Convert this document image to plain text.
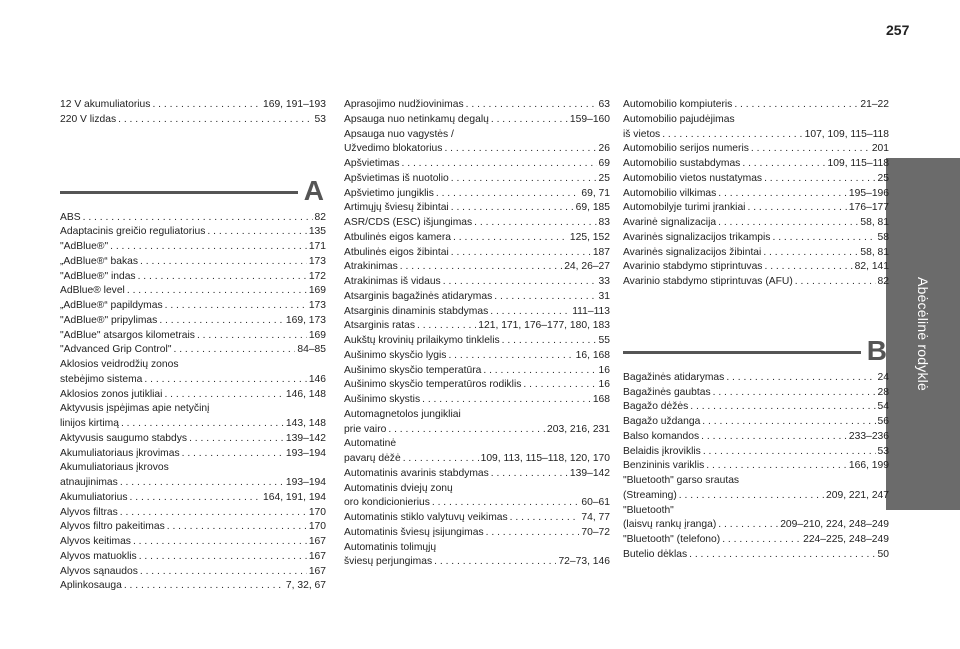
257
Abėcėlinė rodyklė
12 V akumuliatorius . . .	169, 191–193
220 V lizdas . . .	53
A
ABS . . .	82
Adaptacinis greičio reguliatorius . . .	135
"AdBlue®" . . .	171
„AdBlue®“ bakas . . .	173
"AdBlue®" indas . . .	172
AdBlue® level . . .	169
„AdBlue®“ papildymas . . .	173
"AdBlue®" pripylimas . . .	169, 173
"AdBlue" atsargos kilometrais . . .	169
"Advanced Grip Control" . . .	84–85
Aklosios veidrodžių zonos
stebėjimo sistema . . .	146
Aklosios zonos jutikliai . . .	146, 148
Aktyvusis įspėjimas apie netyčinį
linijos kirtimą . . .	143, 148
Aktyvusis saugumo stabdys . . .	139–142
Akumuliatoriaus įkrovimas . . .	193–194
Akumuliatoriaus įkrovos
atnaujinimas . . .	193–194
Akumuliatorius . . .	164, 191, 194
Alyvos filtras . . .	170
Alyvos filtro pakeitimas . . .	170
Alyvos keitimas . . .	167
Alyvos matuoklis . . .	167
Alyvos sąnaudos . . .	167
Aplinkosauga . . .	7, 32, 67
Aprasojimo nudžiovinimas . . .	63
Apsauga nuo netinkamų degalų . . .	159–160
Apsauga nuo vagystės /
Užvedimo blokatorius . . .	26
Apšvietimas . . .	69
Apšvietimas iš nuotolio . . .	25
Apšvietimo jungiklis . . .	69, 71
Artimųjų šviesų žibintai . . .	69, 185
ASR/CDS (ESC) išjungimas . . .	83
Atbulinės eigos kamera . . .	125, 152
Atbulinės eigos žibintai . . .	187
Atrakinimas . . .	24, 26–27
Atrakinimas iš vidaus . . .	33
Atsarginis bagažinės atidarymas . . .	31
Atsarginis dinaminis stabdymas . . .	111–113
Atsarginis ratas . . .	121, 171, 176–177, 180, 183
Aukštų krovinių prilaikymo tinklelis . . .	55
Aušinimo skysčio lygis . . .	16, 168
Aušinimo skysčio temperatūra . . .	16
Aušinimo skysčio temperatūros rodiklis . . .	16
Aušinimo skystis . . .	168
Automagnetolos jungikliai
prie vairo . . .	203, 216, 231
Automatinė
pavarų dėžė . . .	109, 113, 115–118, 120, 170
Automatinis avarinis stabdymas . . .	139–142
Automatinis dviejų zonų
oro kondicionierius . . .	60–61
Automatinis stiklo valytuvų veikimas . . .	74, 77
Automatinis šviesų įsijungimas . . .	70–72
Automatinis tolimųjų
šviesų perjungimas . . .	72–73, 146
Automobilio kompiuteris . . .	21–22
Automobilio pajudėjimas
iš vietos . . .	107, 109, 115–118
Automobilio serijos numeris . . .	201
Automobilio sustabdymas . . .	109, 115–118
Automobilio vietos nustatymas . . .	25
Automobilio vilkimas . . .	195–196
Automobilyje turimi įrankiai . . .	176–177
Avarinė signalizacija . . .	58, 81
Avarinės signalizacijos trikampis . . .	58
Avarinės signalizacijos žibintai . . .	58, 81
Avarinio stabdymo stiprintuvas . . .	82, 141
Avarinio stabdymo stiprintuvas (AFU) . . .	82
B
Bagažinės atidarymas . . .	24
Bagažinės gaubtas . . .	28
Bagažo dėžės . . .	54
Bagažo uždanga . . .	56
Balso komandos . . .	233–236
Belaidis įkroviklis . . .	53
Benzininis variklis . . .	166, 199
"Bluetooth" garso srautas
(Streaming) . . .	209, 221, 247
"Bluetooth"
(laisvų rankų įranga) . . .	209–210, 224, 248–249
"Bluetooth" (telefono) . . .	224–225, 248–249
Butelio dėklas . . .	50
